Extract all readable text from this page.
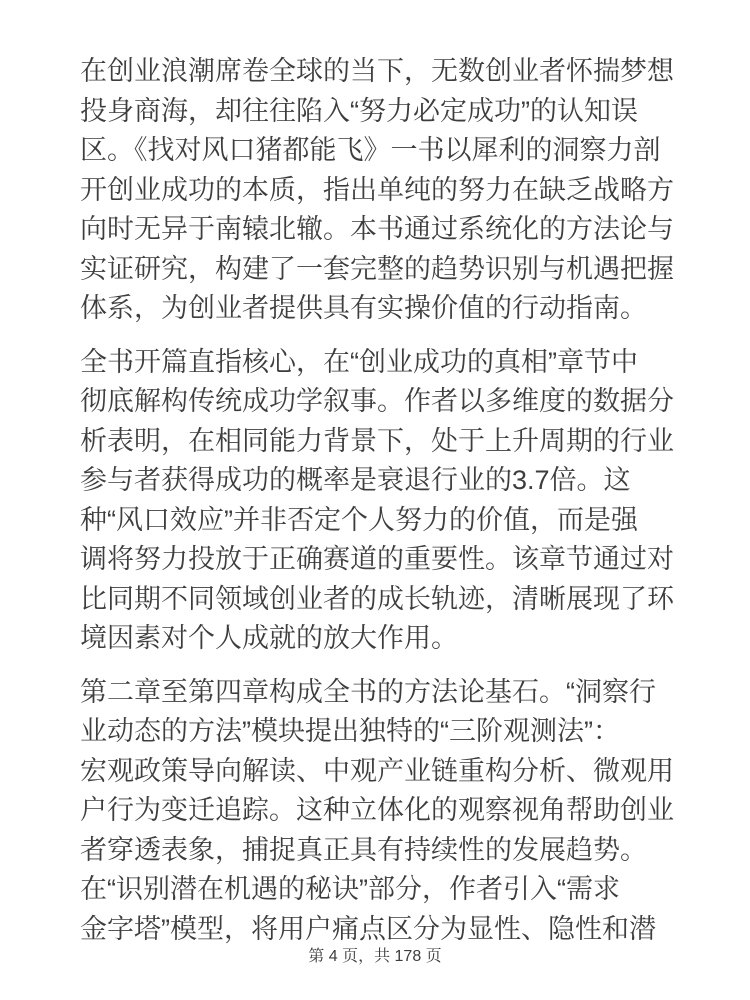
在创业浪潮席卷全球的当下，无数创业者怀揣梦想
投身商海，却往往陷入“努力必定成功”的认知误
区。《找对风口猪都能飞》一书以犀利的洞察力剖
开创业成功的本质，指出单纯的努力在缺乏战略方
向时无异于南辕北辙。本书通过系统化的方法论与
实证研究，构建了一套完整的趋势识别与机遇把握
体系，为创业者提供具有实操价值的行动指南。

全书开篇直指核心，在“创业成功的真相”章节中
彻底解构传统成功学叙事。作者以多维度的数据分
析表明，在相同能力背景下，处于上升周期的行业
参与者获得成功的概率是衰退行业的3.7倍。这
种“风口效应”并非否定个人努力的价值，而是强
调将努力投放于正确赛道的重要性。该章节通过对
比同期不同领域创业者的成长轨迹，清晰展现了环
境因素对个人成就的放大作用。

第二章至第四章构成全书的方法论基石。“洞察行
业动态的方法”模块提出独特的“三阶观测法”：
宏观政策导向解读、中观产业链重构分析、微观用
户行为变迁追踪。这种立体化的观察视角帮助创业
者穿透表象，捕捉真正具有持续性的发展趋势。
在“识别潜在机遇的秘诀”部分，作者引入“需求
金字塔”模型，将用户痛点区分为显性、隐性和潜

第 4 页，共 178 页
